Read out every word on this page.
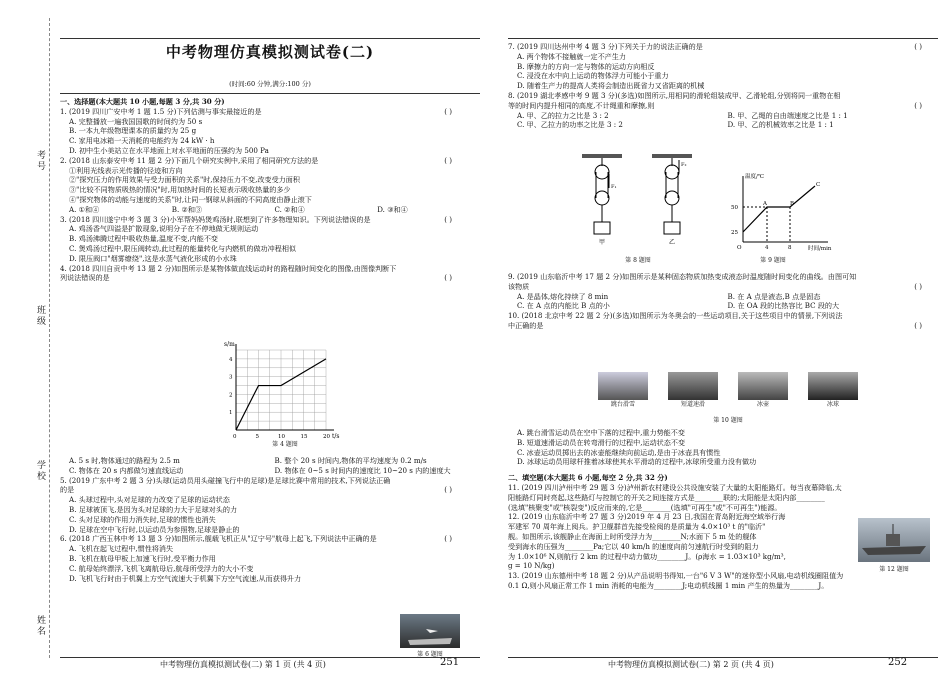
考号
班级
学校
姓名
中考物理仿真模拟测试卷(二)
(时间:60 分钟,满分:100 分)

一、选择题(本大题共 10 小题,每题 3 分,共 30 分)

1. (2019 四川广安中考 1 题 1.5 分)下列估测与事实最接近的是	( )

A. 完整播放一遍我国国歌的时间约为 50 s

B. 一本九年级物理课本的质量约为 25 g

C. 家用电冰箱一天消耗的电能约为 24 kW · h

D. 初中生小美站立在水平地面上对水平地面的压强约为 500 Pa

2. (2018 山东泰安中考 11 题 2 分)下面几个研究实例中,采用了相同研究方法的是	( )

①利用光线表示光传播的径迹和方向

②"探究压力的作用效果与受力面积的关系"时,保持压力不变,改变受力面积

③"比较不同物质吸热的情况"时,用加热时间的长短表示吸收热量的多少

④"探究物体的动能与速度的关系"时,让同一钢球从斜面的不同高度由静止滚下

A. ①和④	B. ②和③	C. ②和④	D. ③和④

3. (2018 四川遂宁中考 3 题 3 分)小军帮妈妈煲鸡汤时,联想到了许多物理知识。下列说法错误的是	( )

A. 鸡汤香气四溢是扩散现象,说明分子在不停地做无规则运动

B. 鸡汤沸腾过程中吸收热量,温度不变,内能不变

C. 煲鸡汤过程中,限压阀转动,此过程的能量转化与内燃机的做功冲程相似

D. 限压阀口"烟雾缭绕",这是水蒸气液化形成的小水珠

4. (2018 四川自贡中考 13 题 2 分)如图所示是某物体做直线运动时的路程随时间变化的图像,由图像判断下

列说法错误的是	( )

0	5	10	15	20
1
2
3
4
s/m
t/s
第 4 题图
A. 5 s 时,物体通过的路程为 2.5 m	B. 整个 20 s 时间内,物体的平均速度为 0.2 m/s
C. 物体在 20 s 内都做匀速直线运动	D. 物体在 0~5 s 时间内的速度比 10~20 s 内的速度大

5. (2019 广东中考 2 题 3 分)头球(运动员用头碰撞飞行中的足球)是足球比赛中常用的技术,下列说法正确

的是	( )

A. 头球过程中,头对足球的力改变了足球的运动状态

B. 足球被顶飞,是因为头对足球的力大于足球对头的力

C. 头对足球的作用力消失时,足球的惯性也消失

D. 足球在空中飞行时,以运动员为参照物,足球是静止的

6. (2018 广西玉林中考 13 题 3 分)如图所示,舰载飞机正从"辽宁号"航母上起飞,下列说法中正确的是	( )

A. 飞机在起飞过程中,惯性将消失

B. 飞机在航母甲板上加速飞行时,受平衡力作用

C. 航母始终漂浮,飞机飞离航母后,航母所受浮力的大小不变

D. 飞机飞行时由于机翼上方空气流速大于机翼下方空气流速,从而获得升力

第 6 题图
中考物理仿真模拟测试卷(二) 第 1 页 (共 4 页)	251

7. (2019 四川达州中考 4 题 3 分)下列关于力的说法正确的是	( )

A. 两个物体不接触就一定不产生力

B. 摩擦力的方向一定与物体的运动方向相反

C. 浸没在水中向上运动的物体浮力可能小于重力

D. 随着生产力的提高人类将会制造出既省力又省距离的机械

8. (2019 湖北孝感中考 9 题 3 分)(多选)如图所示,用相同的滑轮组装成甲、乙滑轮组,分别将同一重物在相

等的时间内提升相同的高度,不计绳重和摩擦,则	( )

A. 甲、乙的拉力之比是 3 : 2	B. 甲、乙绳的自由端速度之比是 1 : 1
C. 甲、乙拉力的功率之比是 3 : 2	D. 甲、乙的机械效率之比是 1 : 1
F₁
甲
F₂
乙
第 8 题图
温度/℃
时间/min
50
25
4	8
O
A	B
C
第 9 题图

9. (2019 山东临沂中考 17 题 2 分)如图所示是某种固态物质加热变成液态时温度随时间变化的曲线。由图可知

该物质	( )

A. 是晶体,熔化持续了 8 min	B. 在 A 点是液态,B 点是固态
C. 在 A 点的内能比 B 点的小	D. 在 OA 段的比热容比 BC 段的大

10. (2018 北京中考 22 题 2 分)(多选)如图所示为冬奥会的一些运动项目,关于这些项目中的情景,下列说法

中正确的是	( )

跳台滑雪	短道速滑	冰壶	冰球
第 10 题图

A. 跳台滑雪运动员在空中下落的过程中,重力势能不变

B. 短道速滑运动员在转弯滑行的过程中,运动状态不变

C. 冰壶运动员掷出去的冰壶能继续向前运动,是由于冰壶具有惯性

D. 冰球运动员用球杆推着冰球使其水平滑动的过程中,冰球所受重力没有做功

二、填空题(本大题共 6 小题,每空 2 分,共 32 分)

11. (2019 四川泸州中考 29 题 3 分)泸州新农村建设公共设施安装了大量的太阳能路灯。每当夜幕降临,太

阳能路灯同时亮起,这些路灯与控制它的开关之间连接方式是________联的;太阳能是太阳内部________

(选填"核聚变"或"核裂变")反应而来的,它是________(选填"可再生"或"不可再生")能源。

12. (2019 山东临沂中考 27 题 3 分)2019 年 4 月 23 日,我国在青岛附近海空域举行海

军建军 70 周年海上阅兵。护卫舰群首先接受检阅的是质量为 4.0×10³ t 的"临沂"

舰。如图所示,该舰静止在海面上时所受浮力为________N;水面下 5 m 处的舰体

受到海水的压强为________Pa;它以 40 km/h 的速度向前匀速航行时受到的阻力

为 1.0×10⁶ N,则航行 2 km 的过程中动力做功________J。(ρ海水 = 1.03×10³ kg/m³,

g = 10 N/kg)

13. (2019 山东德州中考 18 题 2 分)从产品说明书得知,一台"6 V 3 W"的迷你型小风扇,电动机线圈阻值为

0.1 Ω,则小风扇正常工作 1 min 消耗的电能为________J;电动机线圈 1 min 产生的热量为________J。

第 12 题图
中考物理仿真模拟测试卷(二) 第 2 页 (共 4 页)	252
